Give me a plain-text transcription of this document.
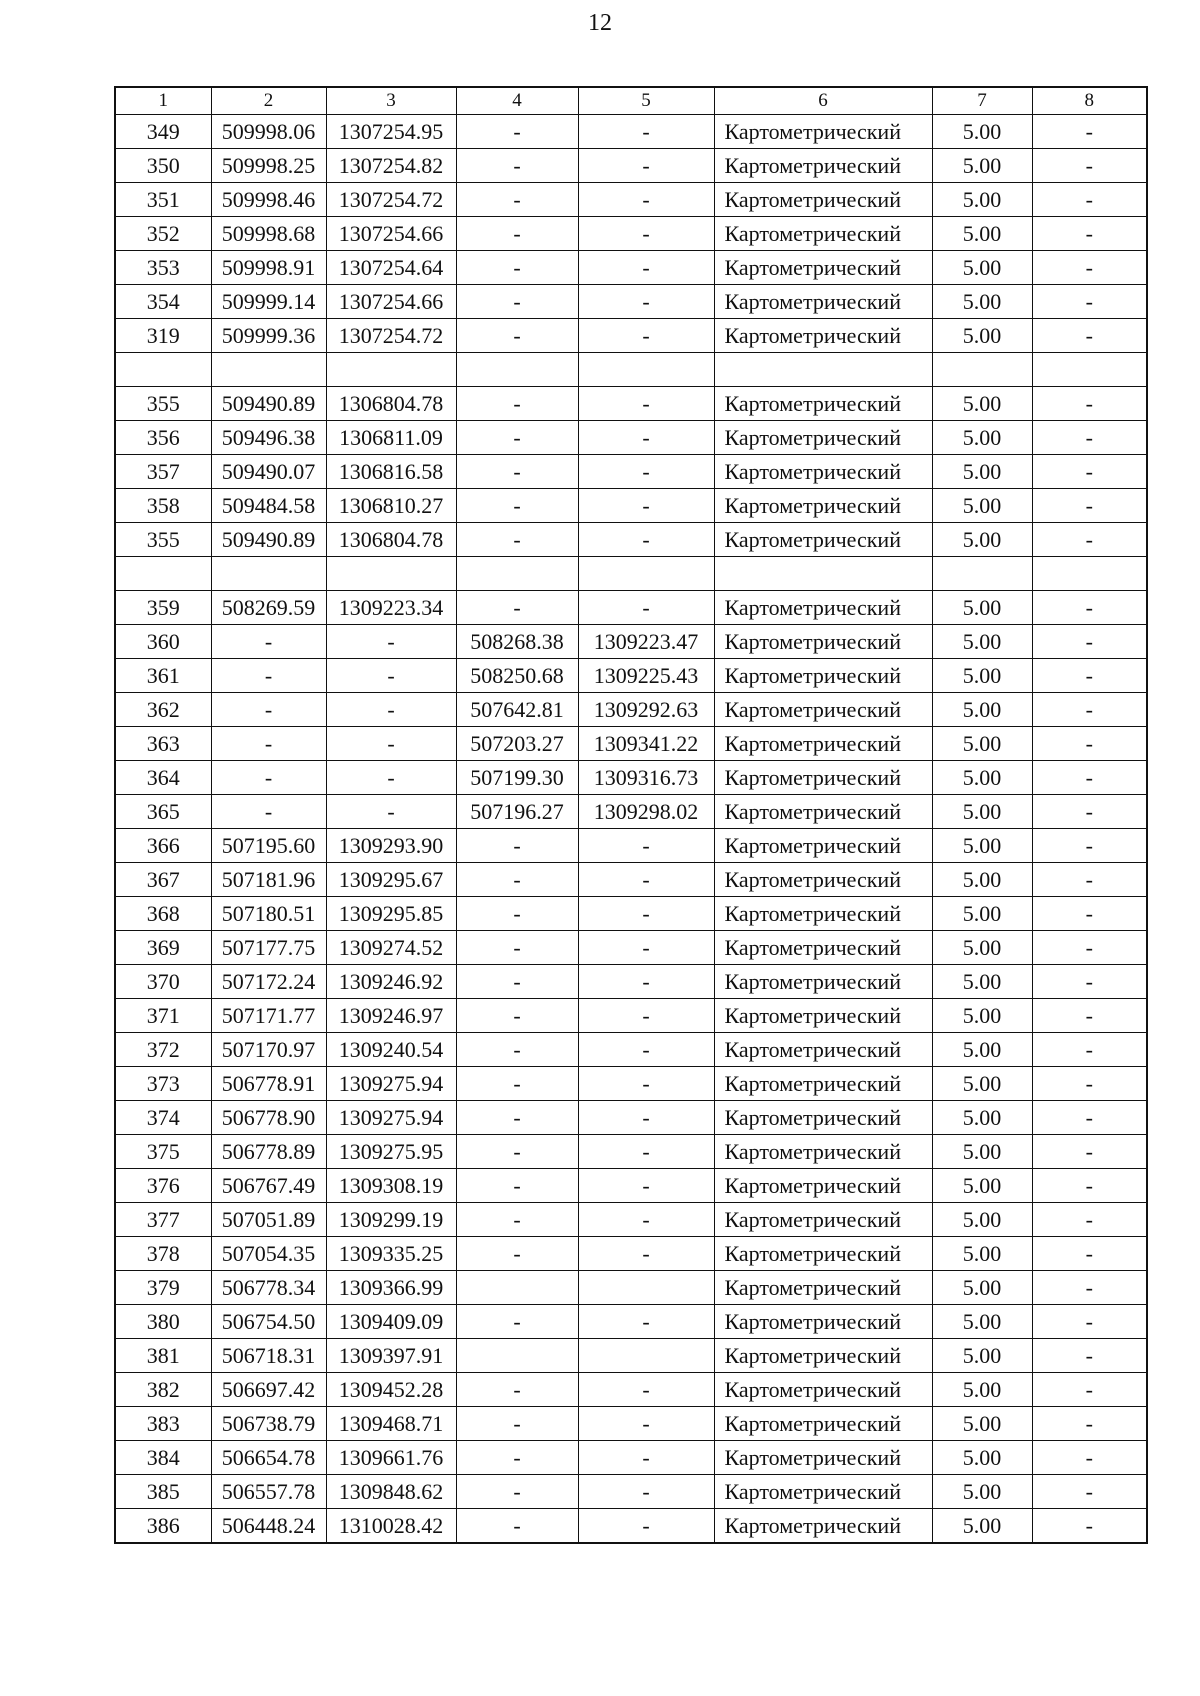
12
1	2	3	4	5	6	7	8
349	509998.06	1307254.95	-	-	Картометрический	5.00	-
350	509998.25	1307254.82	-	-	Картометрический	5.00	-
351	509998.46	1307254.72	-	-	Картометрический	5.00	-
352	509998.68	1307254.66	-	-	Картометрический	5.00	-
353	509998.91	1307254.64	-	-	Картометрический	5.00	-
354	509999.14	1307254.66	-	-	Картометрический	5.00	-
319	509999.36	1307254.72	-	-	Картометрический	5.00	-

355	509490.89	1306804.78	-	-	Картометрический	5.00	-
356	509496.38	1306811.09	-	-	Картометрический	5.00	-
357	509490.07	1306816.58	-	-	Картометрический	5.00	-
358	509484.58	1306810.27	-	-	Картометрический	5.00	-
355	509490.89	1306804.78	-	-	Картометрический	5.00	-

359	508269.59	1309223.34	-	-	Картометрический	5.00	-
360	-	-	508268.38	1309223.47	Картометрический	5.00	-
361	-	-	508250.68	1309225.43	Картометрический	5.00	-
362	-	-	507642.81	1309292.63	Картометрический	5.00	-
363	-	-	507203.27	1309341.22	Картометрический	5.00	-
364	-	-	507199.30	1309316.73	Картометрический	5.00	-
365	-	-	507196.27	1309298.02	Картометрический	5.00	-
366	507195.60	1309293.90	-	-	Картометрический	5.00	-
367	507181.96	1309295.67	-	-	Картометрический	5.00	-
368	507180.51	1309295.85	-	-	Картометрический	5.00	-
369	507177.75	1309274.52	-	-	Картометрический	5.00	-
370	507172.24	1309246.92	-	-	Картометрический	5.00	-
371	507171.77	1309246.97	-	-	Картометрический	5.00	-
372	507170.97	1309240.54	-	-	Картометрический	5.00	-
373	506778.91	1309275.94	-	-	Картометрический	5.00	-
374	506778.90	1309275.94	-	-	Картометрический	5.00	-
375	506778.89	1309275.95	-	-	Картометрический	5.00	-
376	506767.49	1309308.19	-	-	Картометрический	5.00	-
377	507051.89	1309299.19	-	-	Картометрический	5.00	-
378	507054.35	1309335.25	-	-	Картометрический	5.00	-
379	506778.34	1309366.99			Картометрический	5.00	-
380	506754.50	1309409.09	-	-	Картометрический	5.00	-
381	506718.31	1309397.91			Картометрический	5.00	-
382	506697.42	1309452.28	-	-	Картометрический	5.00	-
383	506738.79	1309468.71	-	-	Картометрический	5.00	-
384	506654.78	1309661.76	-	-	Картометрический	5.00	-
385	506557.78	1309848.62	-	-	Картометрический	5.00	-
386	506448.24	1310028.42	-	-	Картометрический	5.00	-
